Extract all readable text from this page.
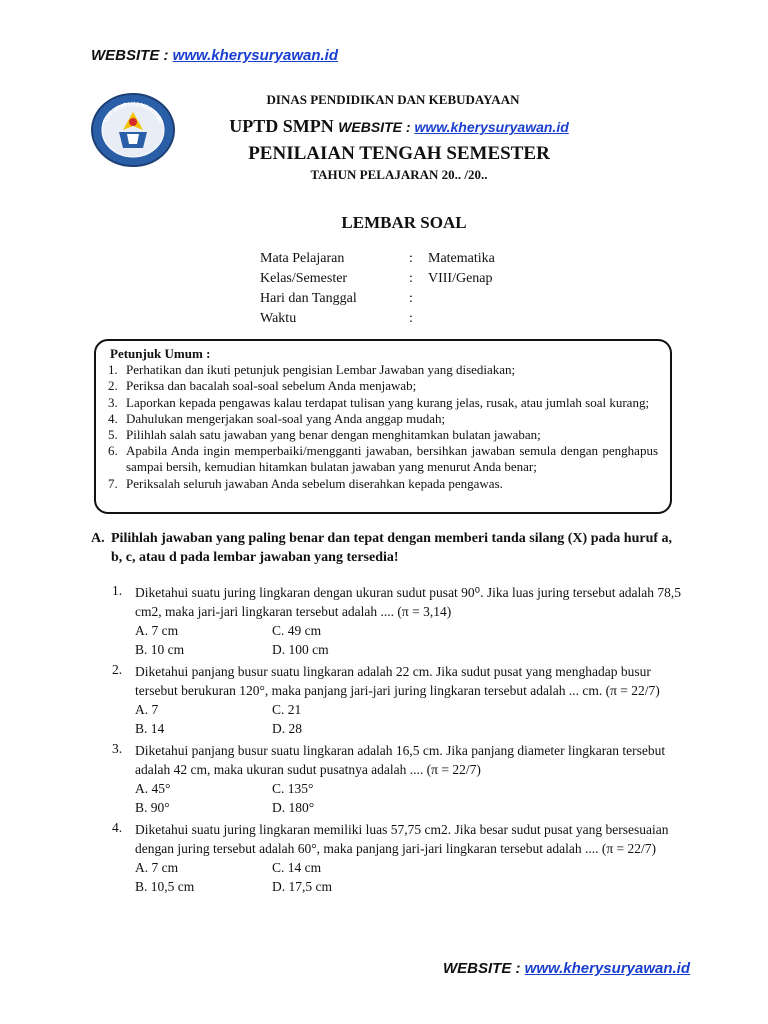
WEBSITE : www.kherysuryawan.id
TUT WURI HANDAYANI
DINAS PENDIDIKAN DAN KEBUDAYAAN
UPTD SMPN WEBSITE : www.kherysuryawan.id
PENILAIAN TENGAH SEMESTER
TAHUN PELAJARAN 20.. /20..
LEMBAR SOAL
Mata Pelajaran	: Matematika
Kelas/Semester	: VIII/Genap
Hari dan Tanggal	:
Waktu	:
Petunjuk Umum :
1. Perhatikan dan ikuti petunjuk pengisian Lembar Jawaban yang disediakan;
2. Periksa dan bacalah soal-soal sebelum Anda menjawab;
3. Laporkan kepada pengawas kalau terdapat tulisan yang kurang jelas, rusak, atau jumlah soal kurang;
4. Dahulukan mengerjakan soal-soal yang Anda anggap mudah;
5. Pilihlah salah satu jawaban yang benar dengan menghitamkan bulatan jawaban;
6. Apabila Anda ingin memperbaiki/mengganti jawaban, bersihkan jawaban semula dengan penghapus sampai bersih, kemudian hitamkan bulatan jawaban yang menurut Anda benar;
7. Periksalah seluruh jawaban Anda sebelum diserahkan kepada pengawas.
A. Pilihlah jawaban yang paling benar dan tepat dengan memberi tanda silang (X) pada huruf a, b, c, atau d pada lembar jawaban yang tersedia!
1. Diketahui suatu juring lingkaran dengan ukuran sudut pusat 90⁰. Jika luas juring tersebut adalah 78,5 cm2, maka jari-jari lingkaran tersebut adalah .... (π = 3,14)
A. 7 cm
B. 10 cm
C. 49 cm
D. 100 cm
2. Diketahui panjang busur suatu lingkaran adalah 22 cm. Jika sudut pusat yang menghadap busur tersebut berukuran 120°, maka panjang jari-jari juring lingkaran tersebut adalah ... cm. (π = 22/7)
A. 7
B. 14
C. 21
D. 28
3. Diketahui panjang busur suatu lingkaran adalah 16,5 cm. Jika panjang diameter lingkaran tersebut adalah 42 cm, maka ukuran sudut pusatnya adalah .... (π = 22/7)
A. 45°
B. 90°
C. 135°
D. 180°
4. Diketahui suatu juring lingkaran memiliki luas 57,75 cm2. Jika besar sudut pusat yang bersesuaian dengan juring tersebut adalah 60°, maka panjang jari-jari lingkaran tersebut adalah .... (π = 22/7)
A. 7 cm
B. 10,5 cm
C. 14 cm
D. 17,5 cm
WEBSITE : www.kherysuryawan.id
